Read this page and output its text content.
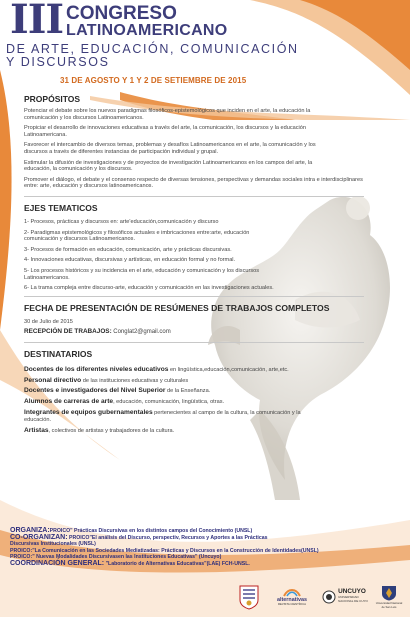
III CONGRESO
LATINOAMERICANO
DE ARTE, EDUCACIÓN, COMUNICACIÓN
Y DISCURSOS
31 DE AGOSTO Y 1 Y 2 DE SETIEMBRE DE 2015
PROPÓSITOS
Potenciar el debate sobre los nuevos paradigmas filosóficos-epistemológicos que inciden en el arte, la educación la comunicación y los discursos Latinoamericanos.
Propiciar el desarrollo de innovaciones educativas a través del arte, la comunicación, los discursos y la educación Latinoamericana.
Favorecer el intercambio de diversos temas, problemas y desafíos Latinoamericanos en el arte, la comunicación y los discursos a través de diferentes instancias de participación individual y grupal.
Estimular la difusión de investigaciones y de proyectos de investigación Latinoamericanos en los campos del arte, la educación, la comunicación y los discursos.
Promover el diálogo, el debate y el consenso respecto de diversas tensiones, perspectivas y demandas sociales intra e interdisciplinares entre: arte, educación y discursos latinoamericanos.
EJES TEMATICOS
1- Procesos, prácticas y discursos en: arte'educación,comunicación y discurso
2- Paradigmas epistemológicos y filosóficos actuales e imbricaciones entre:arte, educación comunicación y discursos Latinoamericanos.
3- Procesos de formación en educación, comunicación, arte y prácticas discursivas.
4- Innovaciones educativas, discursivas y artísticas, en educación formal y no formal.
5- Los procesos históricos y su incidencia en el arte, educación y comunicación y los discursos Latinoamericanos.
6- La trama compleja entre discurso-arte, educación y comunicación en las investigaciones actuales.
FECHA DE PRESENTACIÓN DE RESÚMENES DE TRABAJOS COMPLETOS
30 de Julio de 2015
RECEPCIÓN DE TRABAJOS: Conglat2@gmail.com
DESTINATARIOS
Docentes de los diferentes niveles educativos en lingüística,educación,comunicación, arte,etc.
Personal directivo de las instituciones educativas y culturales
Docentes e investigadores del Nivel Superior de la Enseñanza.
Alumnos de carreras de arte, educación, comunicación, lingüística, otras.
Integrantes de equipos gubernamentales pertenecientes al campo de la cultura, la comunicación y la educación.
Artistas, colectivos de artistas y trabajadores de la cultura.
ORGANIZA:PROICO" Prácticas Discursivas en los distintos campos del Conocimiento (UNSL)
CO-ORGANIZAN: PROICO"El análisis del Discurso, perspectiv, Recursos y Aportes a las Prácticas
Discursivas Institucionales (UNSL)
PROICO:"La Comunicación en las Sociedades Mediatizadas: Prácticas y Discursos en la Construcción de Identidades(UNSL)
PROICO:" Nuevas Modalidades Discursivasen las Instituciones Educativas" (Uncuyo)
COORDINACIÓN GENERAL: "Laboratorio de Alternativas Educativas"(LAE) FCH-UNSL.
alternativas
REVISTA CIENTÍFICA
UNCUYO
UNIVERSIDAD
NACIONAL DE CUYO	Universidad Nacional
de San Luis
